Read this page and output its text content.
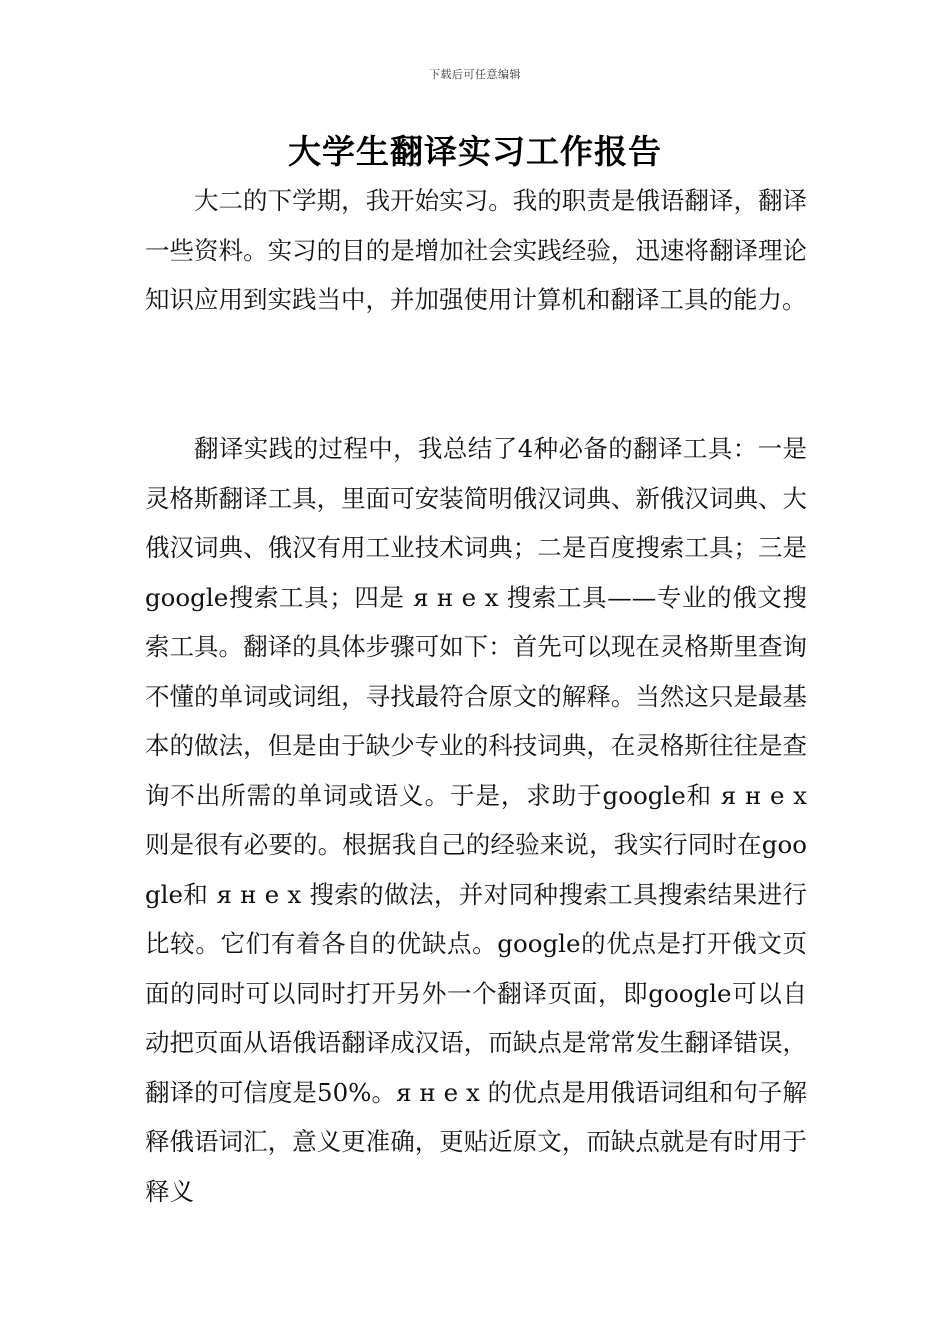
下载后可任意编辑
大学生翻译实习工作报告

大二的下学期，我开始实习。我的职责是俄语翻译，翻译一些资料。实习的目的是增加社会实践经验，迅速将翻译理论知识应用到实践当中，并加强使用计算机和翻译工具的能力。

翻译实践的过程中，我总结了4种必备的翻译工具：一是灵格斯翻译工具，里面可安装简明俄汉词典、新俄汉词典、大俄汉词典、俄汉有用工业技术词典；二是百度搜索工具；三是google搜索工具；四是 я н е х 搜索工具——专业的俄文搜索工具。翻译的具体步骤可如下：首先可以现在灵格斯里查询不懂的单词或词组，寻找最符合原文的解释。当然这只是最基本的做法，但是由于缺少专业的科技词典，在灵格斯往往是查询不出所需的单词或语义。于是，求助于google和 я н е х 则是很有必要的。根据我自己的经验来说，我实行同时在google和 я н е х 搜索的做法，并对同种搜索工具搜索结果进行比较。它们有着各自的优缺点。google的优点是打开俄文页面的同时可以同时打开另外一个翻译页面，即google可以自动把页面从语俄语翻译成汉语，而缺点是常常发生翻译错误，翻译的可信度是50%。я н е х 的优点是用俄语词组和句子解释俄语词汇，意义更准确，更贴近原文，而缺点就是有时用于释义
